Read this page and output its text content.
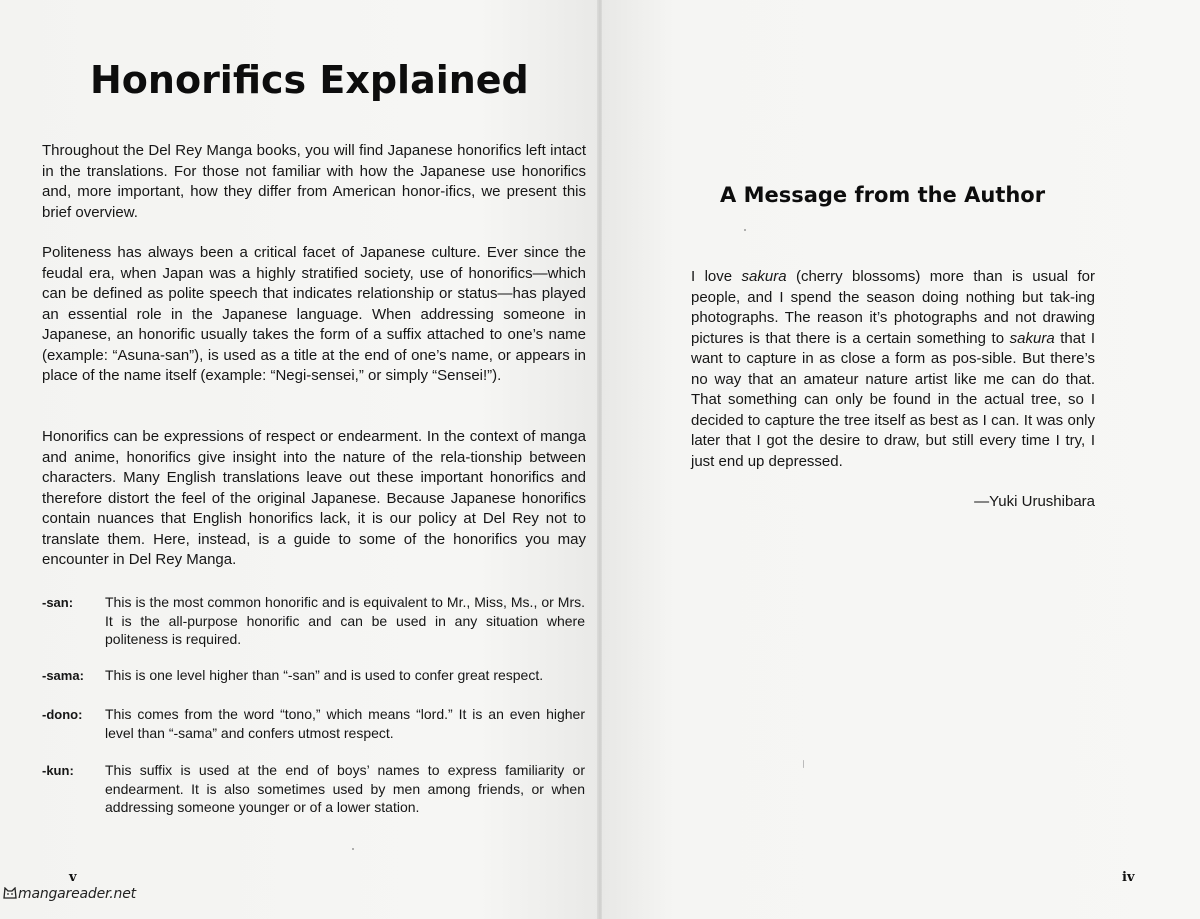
Honorifics Explained

Throughout the Del Rey Manga books, you will find Japanese honorifics left intact in the translations. For those not familiar with how the Japanese use honorifics and, more important, how they differ from American honor-ifics, we present this brief overview.

Politeness has always been a critical facet of Japanese culture. Ever since the feudal era, when Japan was a highly stratified society, use of honorifics—which can be defined as polite speech that indicates relationship or status—has played an essential role in the Japanese language. When addressing someone in Japanese, an honorific usually takes the form of a suffix attached to one’s name (example: “Asuna-san”), is used as a title at the end of one’s name, or appears in place of the name itself (example: “Negi-sensei,” or simply “Sensei!”).

Honorifics can be expressions of respect or endearment. In the context of manga and anime, honorifics give insight into the nature of the rela-tionship between characters. Many English translations leave out these important honorifics and therefore distort the feel of the original Japanese. Because Japanese honorifics contain nuances that English honorifics lack, it is our policy at Del Rey not to translate them. Here, instead, is a guide to some of the honorifics you may encounter in Del Rey Manga.

-san: This is the most common honorific and is equivalent to Mr., Miss, Ms., or Mrs. It is the all-purpose honorific and can be used in any situation where politeness is required.

-sama: This is one level higher than “-san” and is used to confer great respect.

-dono: This comes from the word “tono,” which means “lord.” It is an even higher level than “-sama” and confers utmost respect.

-kun: This suffix is used at the end of boys’ names to express familiarity or endearment. It is also sometimes used by men among friends, or when addressing someone younger or of a lower station.

v
mangareader.net
A Message from the Author

I love sakura (cherry blossoms) more than is usual for people, and I spend the season doing nothing but tak-ing photographs. The reason it’s photographs and not drawing pictures is that there is a certain something to sakura that I want to capture in as close a form as pos-sible. But there’s no way that an amateur nature artist like me can do that. That something can only be found in the actual tree, so I decided to capture the tree itself as best as I can. It was only later that I got the desire to draw, but still every time I try, I just end up depressed.

—Yuki Urushibara
iv
